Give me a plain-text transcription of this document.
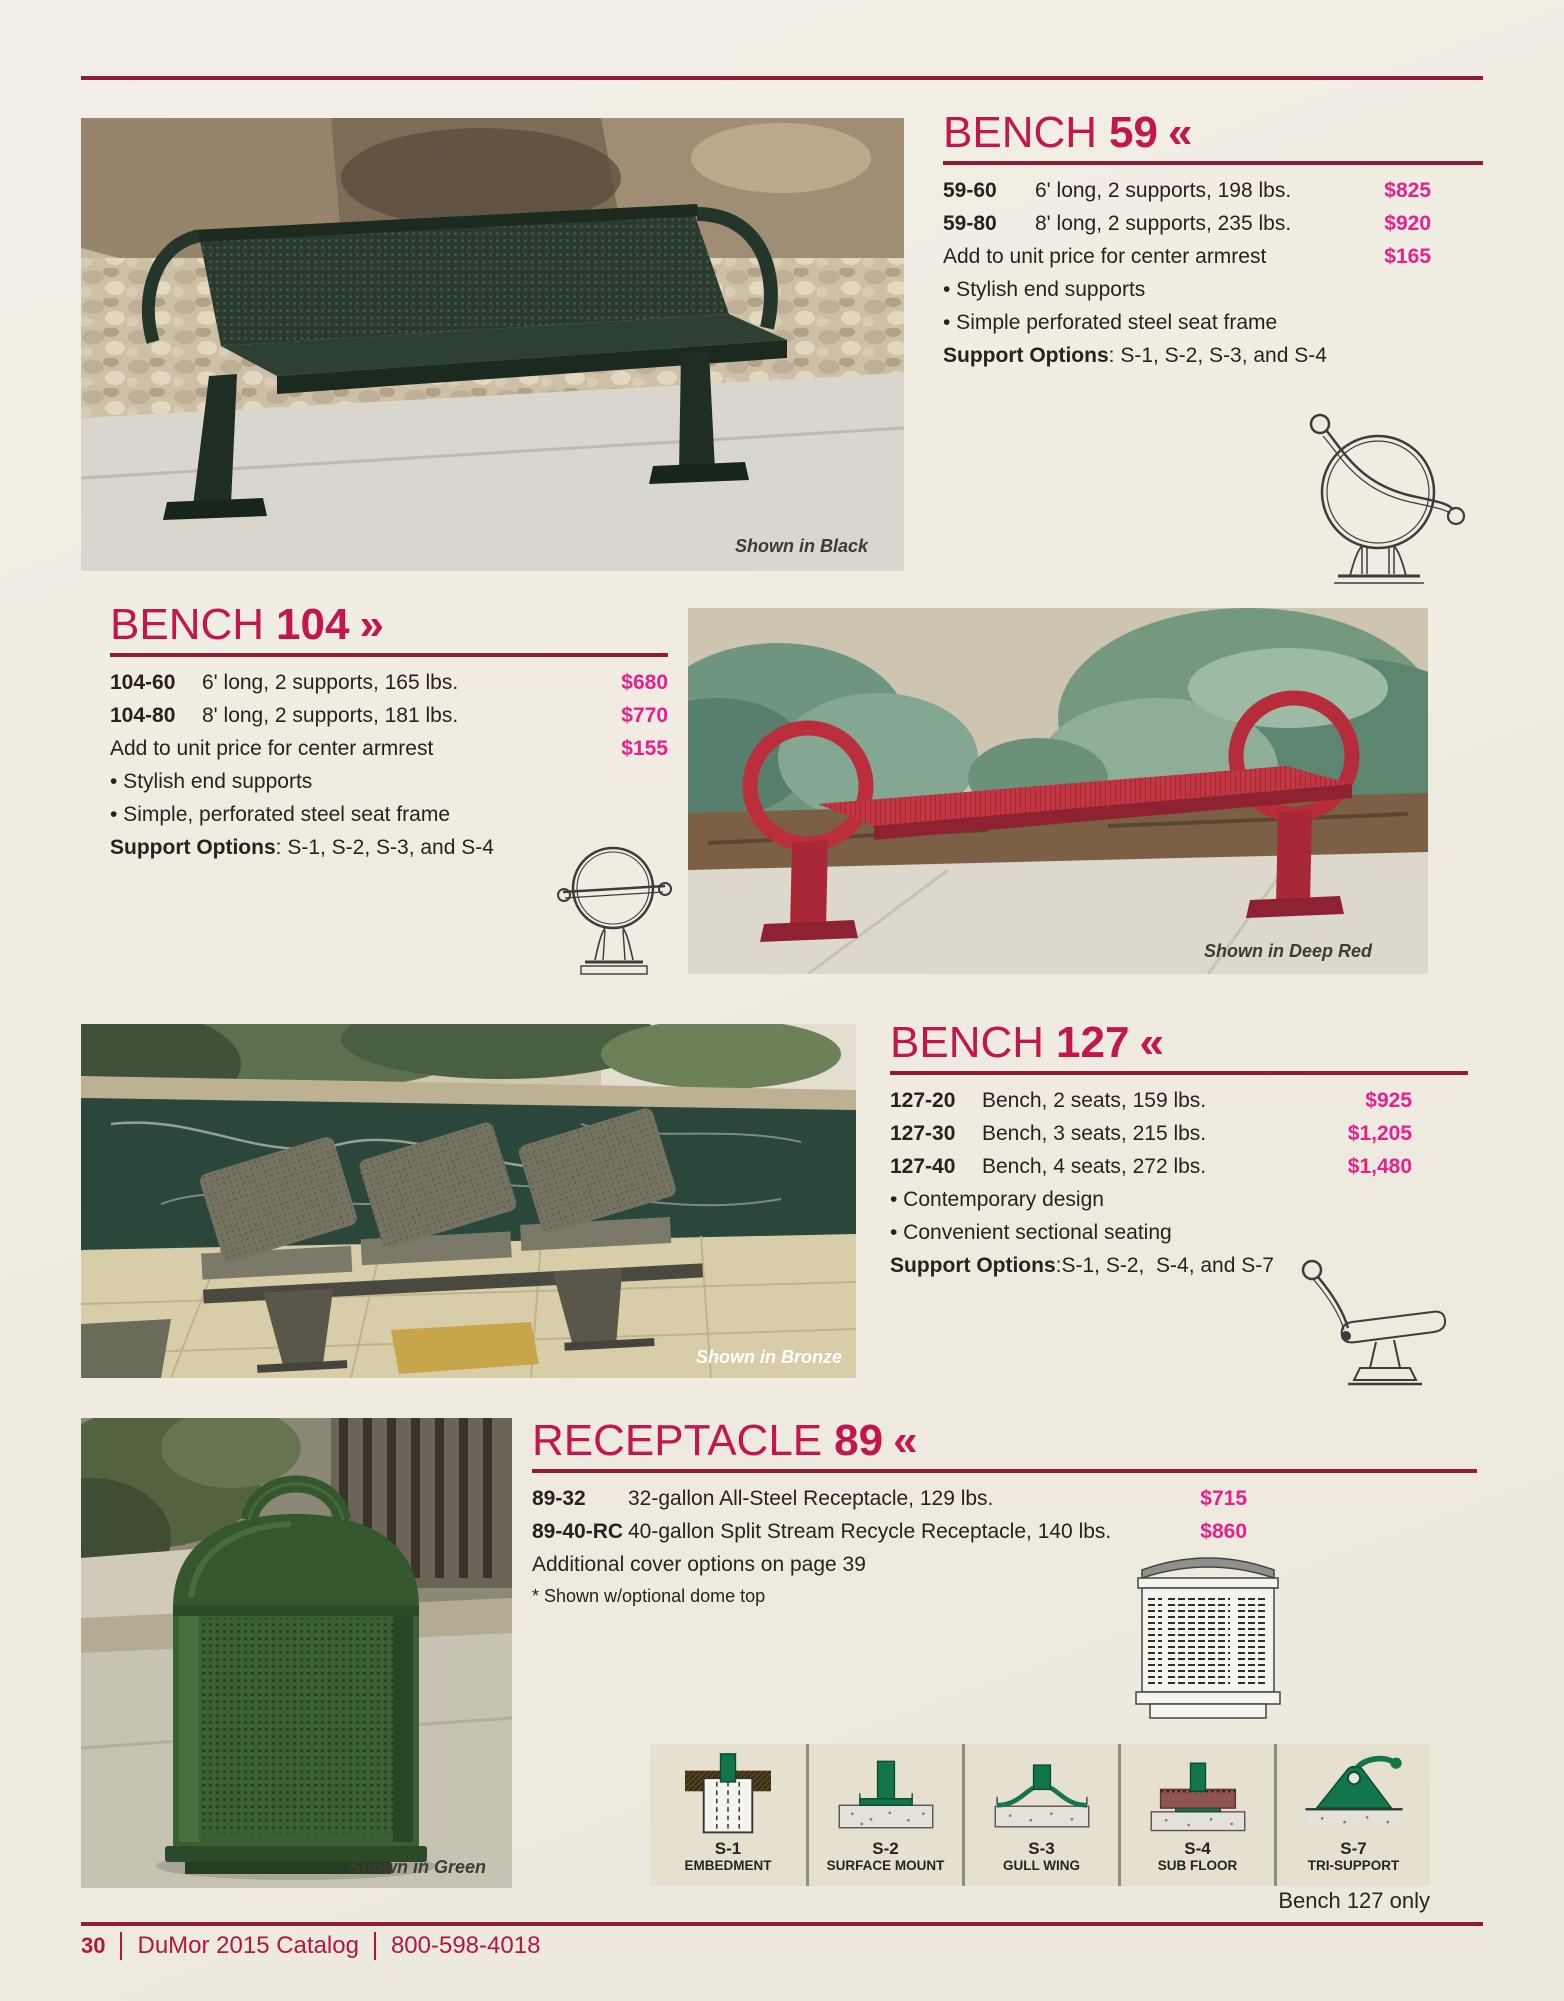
Shown in Black
BENCH 59 «
59-60	6' long, 2 supports, 198 lbs.	$825
59-80	8' long, 2 supports, 235 lbs.	$920
Add to unit price for center armrest	$165
• Stylish end supports
• Simple perforated steel seat frame
Support Options: S-1, S-2, S-3, and S-4
BENCH 104 »
104-60	6' long, 2 supports, 165 lbs.	$680
104-80	8' long, 2 supports, 181 lbs.	$770
Add to unit price for center armrest	$155
• Stylish end supports
• Simple, perforated steel seat frame
Support Options: S-1, S-2, S-3, and S-4
Shown in Deep Red
Shown in Bronze
BENCH 127 «
127-20	Bench, 2 seats, 159 lbs.	$925
127-30	Bench, 3 seats, 215 lbs.	$1,205
127-40	Bench, 4 seats, 272 lbs.	$1,480
• Contemporary design
• Convenient sectional seating
Support Options:S-1, S-2,  S-4, and S-7
Shown in Green
RECEPTACLE 89 «
89-32	32-gallon All-Steel Receptacle, 129 lbs.	$715
89-40-RC 40-gallon Split Stream Recycle Receptacle, 140 lbs.	$860
Additional cover options on page 39
* Shown w/optional dome top
S-1
EMBEDMENT
S-2
SURFACE MOUNT
S-3
GULL WING
S-4
SUB FLOOR
S-7
TRI-SUPPORT
Bench 127 only
30 DuMor 2015 Catalog 800-598-4018
